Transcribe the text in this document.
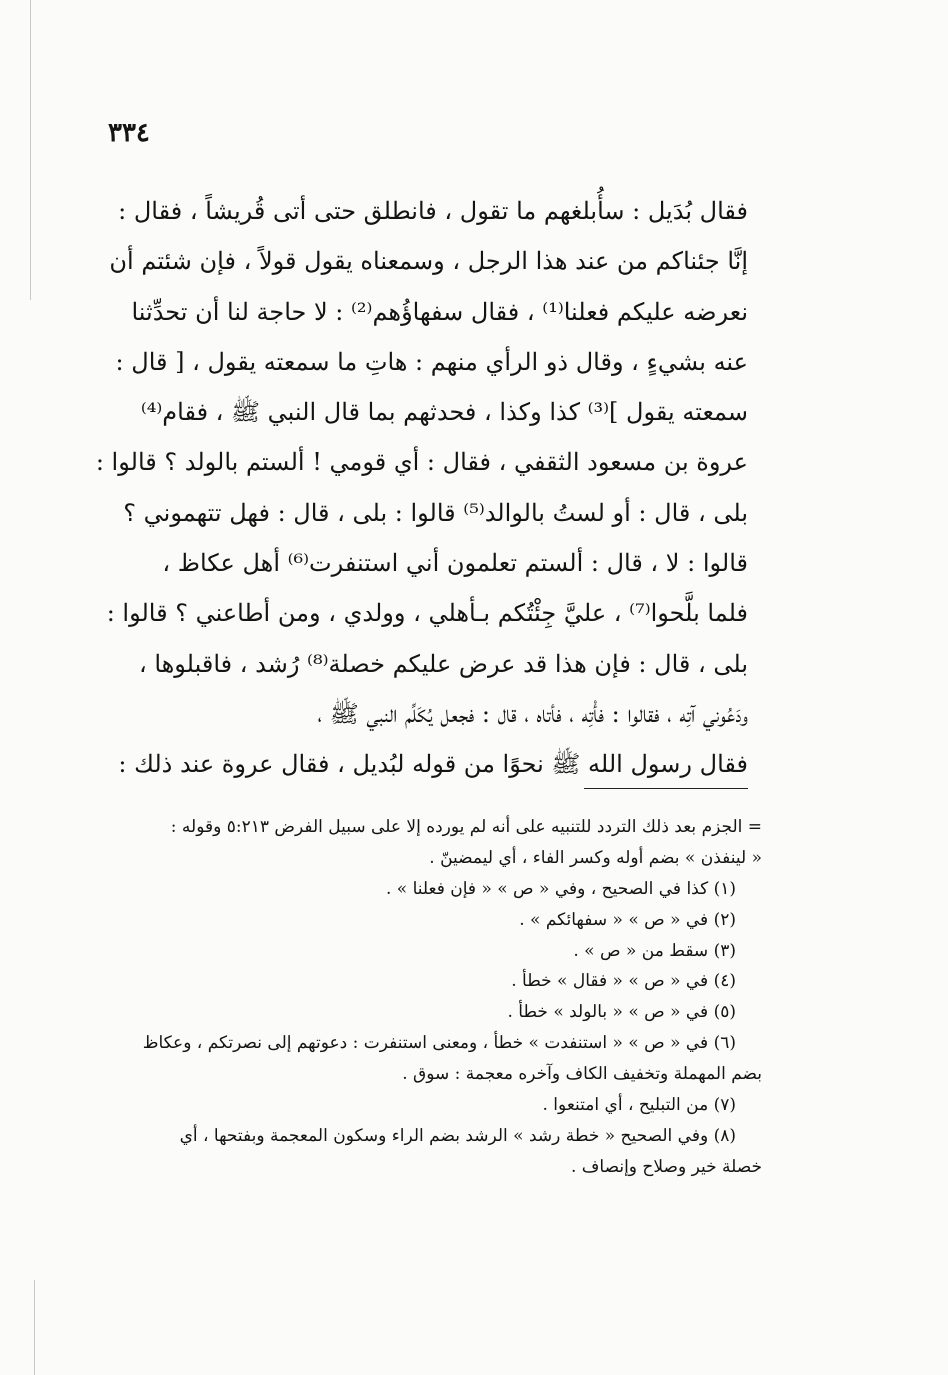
٣٣٤
فقال بُدَيل : سأُبلغهم ما تقول ، فانطلق حتى أتى قُريشاً ، فقال :
إنَّا جئناكم من عند هذا الرجل ، وسمعناه يقول قولاً ، فإن شئتم أن
نعرضه عليكم فعلنا⁽¹⁾ ، فقال سفهاؤُهم⁽²⁾ : لا حاجة لنا أن تحدِّثنا
عنه بشيءٍ ، وقال ذو الرأي منهم : هاتِ ما سمعته يقول ، [ قال :
سمعته يقول ]⁽³⁾ كذا وكذا ، فحدثهم بما قال النبي ﷺ ، فقام⁽⁴⁾
عروة بن مسعود الثقفي ، فقال : أي قومي ! ألستم بالولد ؟ قالوا :
بلى ، قال : أو لستُ بالوالد⁽⁵⁾ قالوا : بلى ، قال : فهل تتهموني ؟
قالوا : لا ، قال : ألستم تعلمون أني استنفرت⁽⁶⁾ أهل عكاظ ،
فلما بلَّحوا⁽⁷⁾ ، عليَّ جِئْتُكم بـأهلي ، وولدي ، ومن أطاعني ؟ قالوا :
بلى ، قال : فإن هذا قد عرض عليكم خصلة⁽⁸⁾ رُشد ، فاقبلوها ،
ودَعُوني آتِه ، فقالوا : فأْتِه ، فأتاه ، قال : فجعل يُكَلِّم النبي ﷺ ،
فقال رسول الله ﷺ نحوًا من قوله لبُديل ، فقال عروة عند ذلك :
= الجزم بعد ذلك التردد للتنبيه على أنه لم يورده إلا على سبيل الفرض ٥:٢١٣ وقوله :
« لينفذن » بضم أوله وكسر الفاء ، أي ليمضينّ .
(١) كذا في الصحيح ، وفي « ص » « فإن فعلنا » .
(٢) في « ص » « سفهائكم » .
(٣) سقط من « ص » .
(٤) في « ص » « فقال » خطأ .
(٥) في « ص » « بالولد » خطأ .
(٦) في « ص » « استنفدت » خطأ ، ومعنى استنفرت : دعوتهم إلى نصرتكم ، وعكاظ
بضم المهملة وتخفيف الكاف وآخره معجمة : سوق .
(٧) من التبليح ، أي امتنعوا .
(٨) وفي الصحيح « خطة رشد » الرشد بضم الراء وسكون المعجمة وبفتحها ، أي
خصلة خير وصلاح وإنصاف .
